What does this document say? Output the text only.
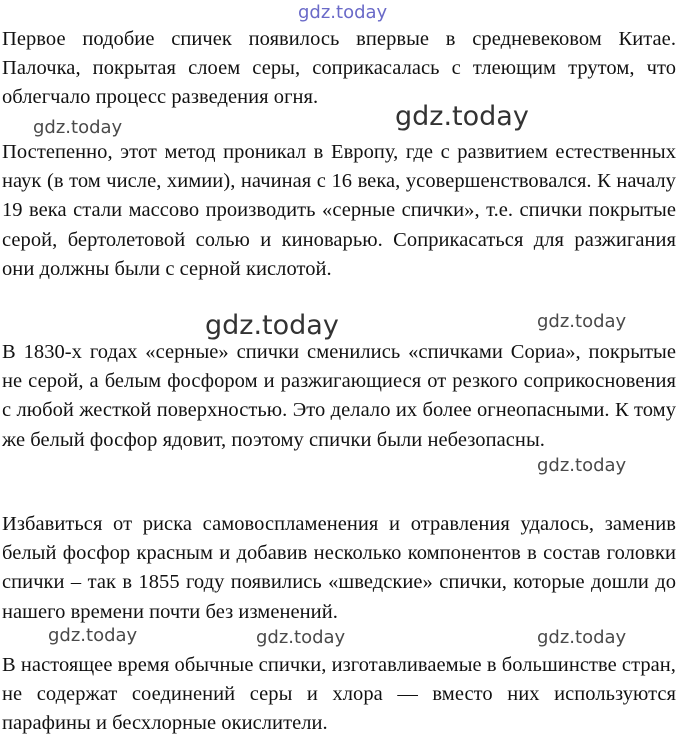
Первое подобие спичек появилось впервые в средневековом Китае. Палочка, покрытая слоем серы, соприкасалась с тлеющим трутом, что облегчало процесс разведения огня.

Постепенно, этот метод проникал в Европу, где с развитием естественных наук (в том числе, химии), начиная с 16 века, усовершенствовался. К началу 19 века стали массово производить «серные спички», т.е. спички покрытые серой, бертолетовой солью и киноварью. Соприкасаться для разжигания они должны были с серной кислотой.

В 1830-х годах «серные» спички сменились «спичками Сориа», покрытые не серой, а белым фосфором и разжигающиеся от резкого соприкосновения с любой жесткой поверхностью. Это делало их более огнеопасными. К тому же белый фосфор ядовит, поэтому спички были небезопасны.

Избавиться от риска самовоспламенения и отравления удалось, заменив белый фосфор красным и добавив несколько компонентов в состав головки спички – так в 1855 году появились «шведские» спички, которые дошли до нашего времени почти без изменений.

В настоящее время обычные спички, изготавливаемые в большинстве стран, не содержат соединений серы и хлора — вместо них используются парафины и бесхлорные окислители.

gdz.today
gdz.today	gdz.today
gdz.today	gdz.today
gdz.today
gdz.today	gdz.today	gdz.today
